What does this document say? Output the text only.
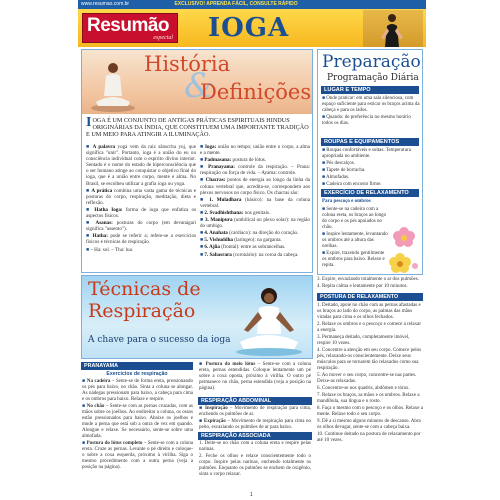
www.resumao.com.br	EXCLUSIVO! APRENDA FÁCIL, CONSULTE RÁPIDO
Resumão
especial IOGA
História
&
Definições
IOGA É UM CONJUNTO DE ANTIGAS PRÁTICAS ESPIRITUAIS HINDUS ORIGINÁRIAS DA ÍNDIA, QUE CONSTITUEM UMA IMPORTANTE TRADIÇÃO E UM MEIO PARA ATINGIR A ILUMINAÇÃO.
■ A palavra yoga vem da raiz sânscrita yuj, que significa "unir". Portanto, ioga é a união do eu ou consciência individual com o espírito divino interior. Sentado é o nome do estado de hiperconsciência que o ser humano atinge ao conquistar o objetivo final do ioga, que é a união entre corpo, mente e alma. No Brasil, se escolheu utilizar a grafia ioga ou yoga.
■ A prática combina uma vasta gama de técnicas e posturas do corpo, respiração, meditação, dieta e reflexão.
■ Hatha Ioga: forma de ioga que enfatiza os aspectos físicos.
■ Asanas: posturas do corpo (em devanágari significa "assento").
■ Hatha: pode se referir a; refere-se a exercícios físicos e técnicas de respiração.
■ – Ha: sol. – Tha: lua.
■ Ioga: união no tempo; união entre o corpo, a alma e a mente.
■ Padmasana: postura de lótus.
■ Pranayama: controle da respiração. – Prana: respiração ou força de vida. – Ayama: controle.
■ Chacras: pontos de energia ao longo da linha da coluna vertebral que, acredita-se, correspondem aos plexos nervosos no corpo físico. Os chacras são:
■ 1. Muladhara (básico): na base da coluna vertebral.
■ 2. Svadhishthana: nos genitais.
■ 3. Manipura (umbilical ou plexo solar): na região do umbigo.
■ 4. Anahata (cardíaco): na direção do coração.
■ 5. Vishuddha (laríngeo): na garganta.
■ 6. Ajña (frontal): entre as sobrancelhas.
■ 7. Sahasrara (coronário): na coroa da cabeça.
Preparação
Programação Diária
LUGAR E TEMPO
■ Onde praticar: em uma sala silenciosa, com espaço suficiente para esticar os braços acima da cabeça e para os lados.
■ Quando: de preferência no mesmo horário todos os dias.
ROUPAS E EQUIPAMENTOS
■ Roupas confortáveis e soltas. Temperatura apropriada no ambiente.
■ Pés descalços.
■ Tapete de borracha.
■ Almofadas.
■ Cadeira com encosto firme.
EXERCÍCIO DE RELAXAMENTO
Para pescoço e ombros
■ Sente-se na cadeira com a coluna ereta, os braços ao longo do corpo e os pés apoiados no chão.
■ Inspire lentamente, levantando os ombros até a altura das orelhas.
■ Expire, trazendo gentilmente os ombros para baixo. Relaxe e repita.
Técnicas de
Respiração
A chave para o sucesso da ioga
PRANAYAMA
Exercícios de respiração
■ Na cadeira – Sente-se de forma ereta, pressionando os pés para baixo, no chão. Sinta a coluna se alongar. As nádegas pressionam para baixo, a cabeça para cima e os ombros para baixo. Relaxe e respire.
■ No chão – Sente-se com as pernas cruzadas, com as mãos sobre os joelhos. Ao endireitar a coluna, os ossos estão pressionados para baixo. Abaixe os joelhos e mude a perna que está sob a outra de vez em quando. Alongue e relaxe. Se necessário, sente-se sobre uma almofada.
■ Postura do lótus completo – Sente-se com a coluna ereta. Cruze as pernas. Levante o pé direito e coloque-o sobre a coxa esquerda, próximo à virilha. Siga o mesmo procedimento com a outra perna (veja a posição na página).
■ Postura do meio lótus – Sente-se com a coluna ereta, pernas estendidas. Coloque lentamente um pé sobre a coxa oposta, próximo à virilha. O outro pé permanece no chão, perna estendida (veja a posição na página).
RESPIRAÇÃO ABDOMINAL
■ Inspiração – Movimento de respiração para cima, enchendo os pulmões de ar.
■ Expiração – Movimento de respiração para cima no peito, esvaziando os pulmões de ar para baixo.
RESPIRAÇÃO ASSOCIADA
1. Deite-se no chão com a coluna ereta e respire pelas narinas.
2. Feche os olhos e relaxe conscientemente todo o corpo. Inspire pelas narinas, enchendo totalmente os pulmões. Enquanto os pulmões se enchem de oxigênio, sinta o corpo relaxar.
3. Expire, esvaziando totalmente o ar dos pulmões.
4. Repita calma e lentamente por 10 minutos.
POSTURA DE RELAXAMENTO
1. Deitado, apoie no chão com as pernas afastadas e os braços ao lado do corpo, as palmas das mãos viradas para cima e os olhos fechados.
2. Relaxe os ombros e o pescoço e comece a relaxar a energia.
3. Permaneça deitado, completamente imóvel, respire 10 vezes.
4. Concentre a atenção em seu corpo. Comece pelos pés, relaxando-os conscientemente. Deixe seus músculos para se tornarem tão relaxados como sua respiração.
5. Ao mover o seu corpo, concentre-se nas partes. Deixe-as relaxadas.
6. Concentre-se nos quadris, abdômen e tórax.
7. Relaxe os braços, as mãos e os ombros. Relaxe a mandíbula, sua língua e o rosto.
8. Faça o mesmo com o pescoço e os olhos. Relaxe a mente. Relaxe todo o seu corpo.
9. Dê a si mesmo alguns minutos de descanso. Abra os olhos devagar, sente-se com a cabeça baixa.
10. Continue deitado na postura de relaxamento por até 10 vezes.
1
